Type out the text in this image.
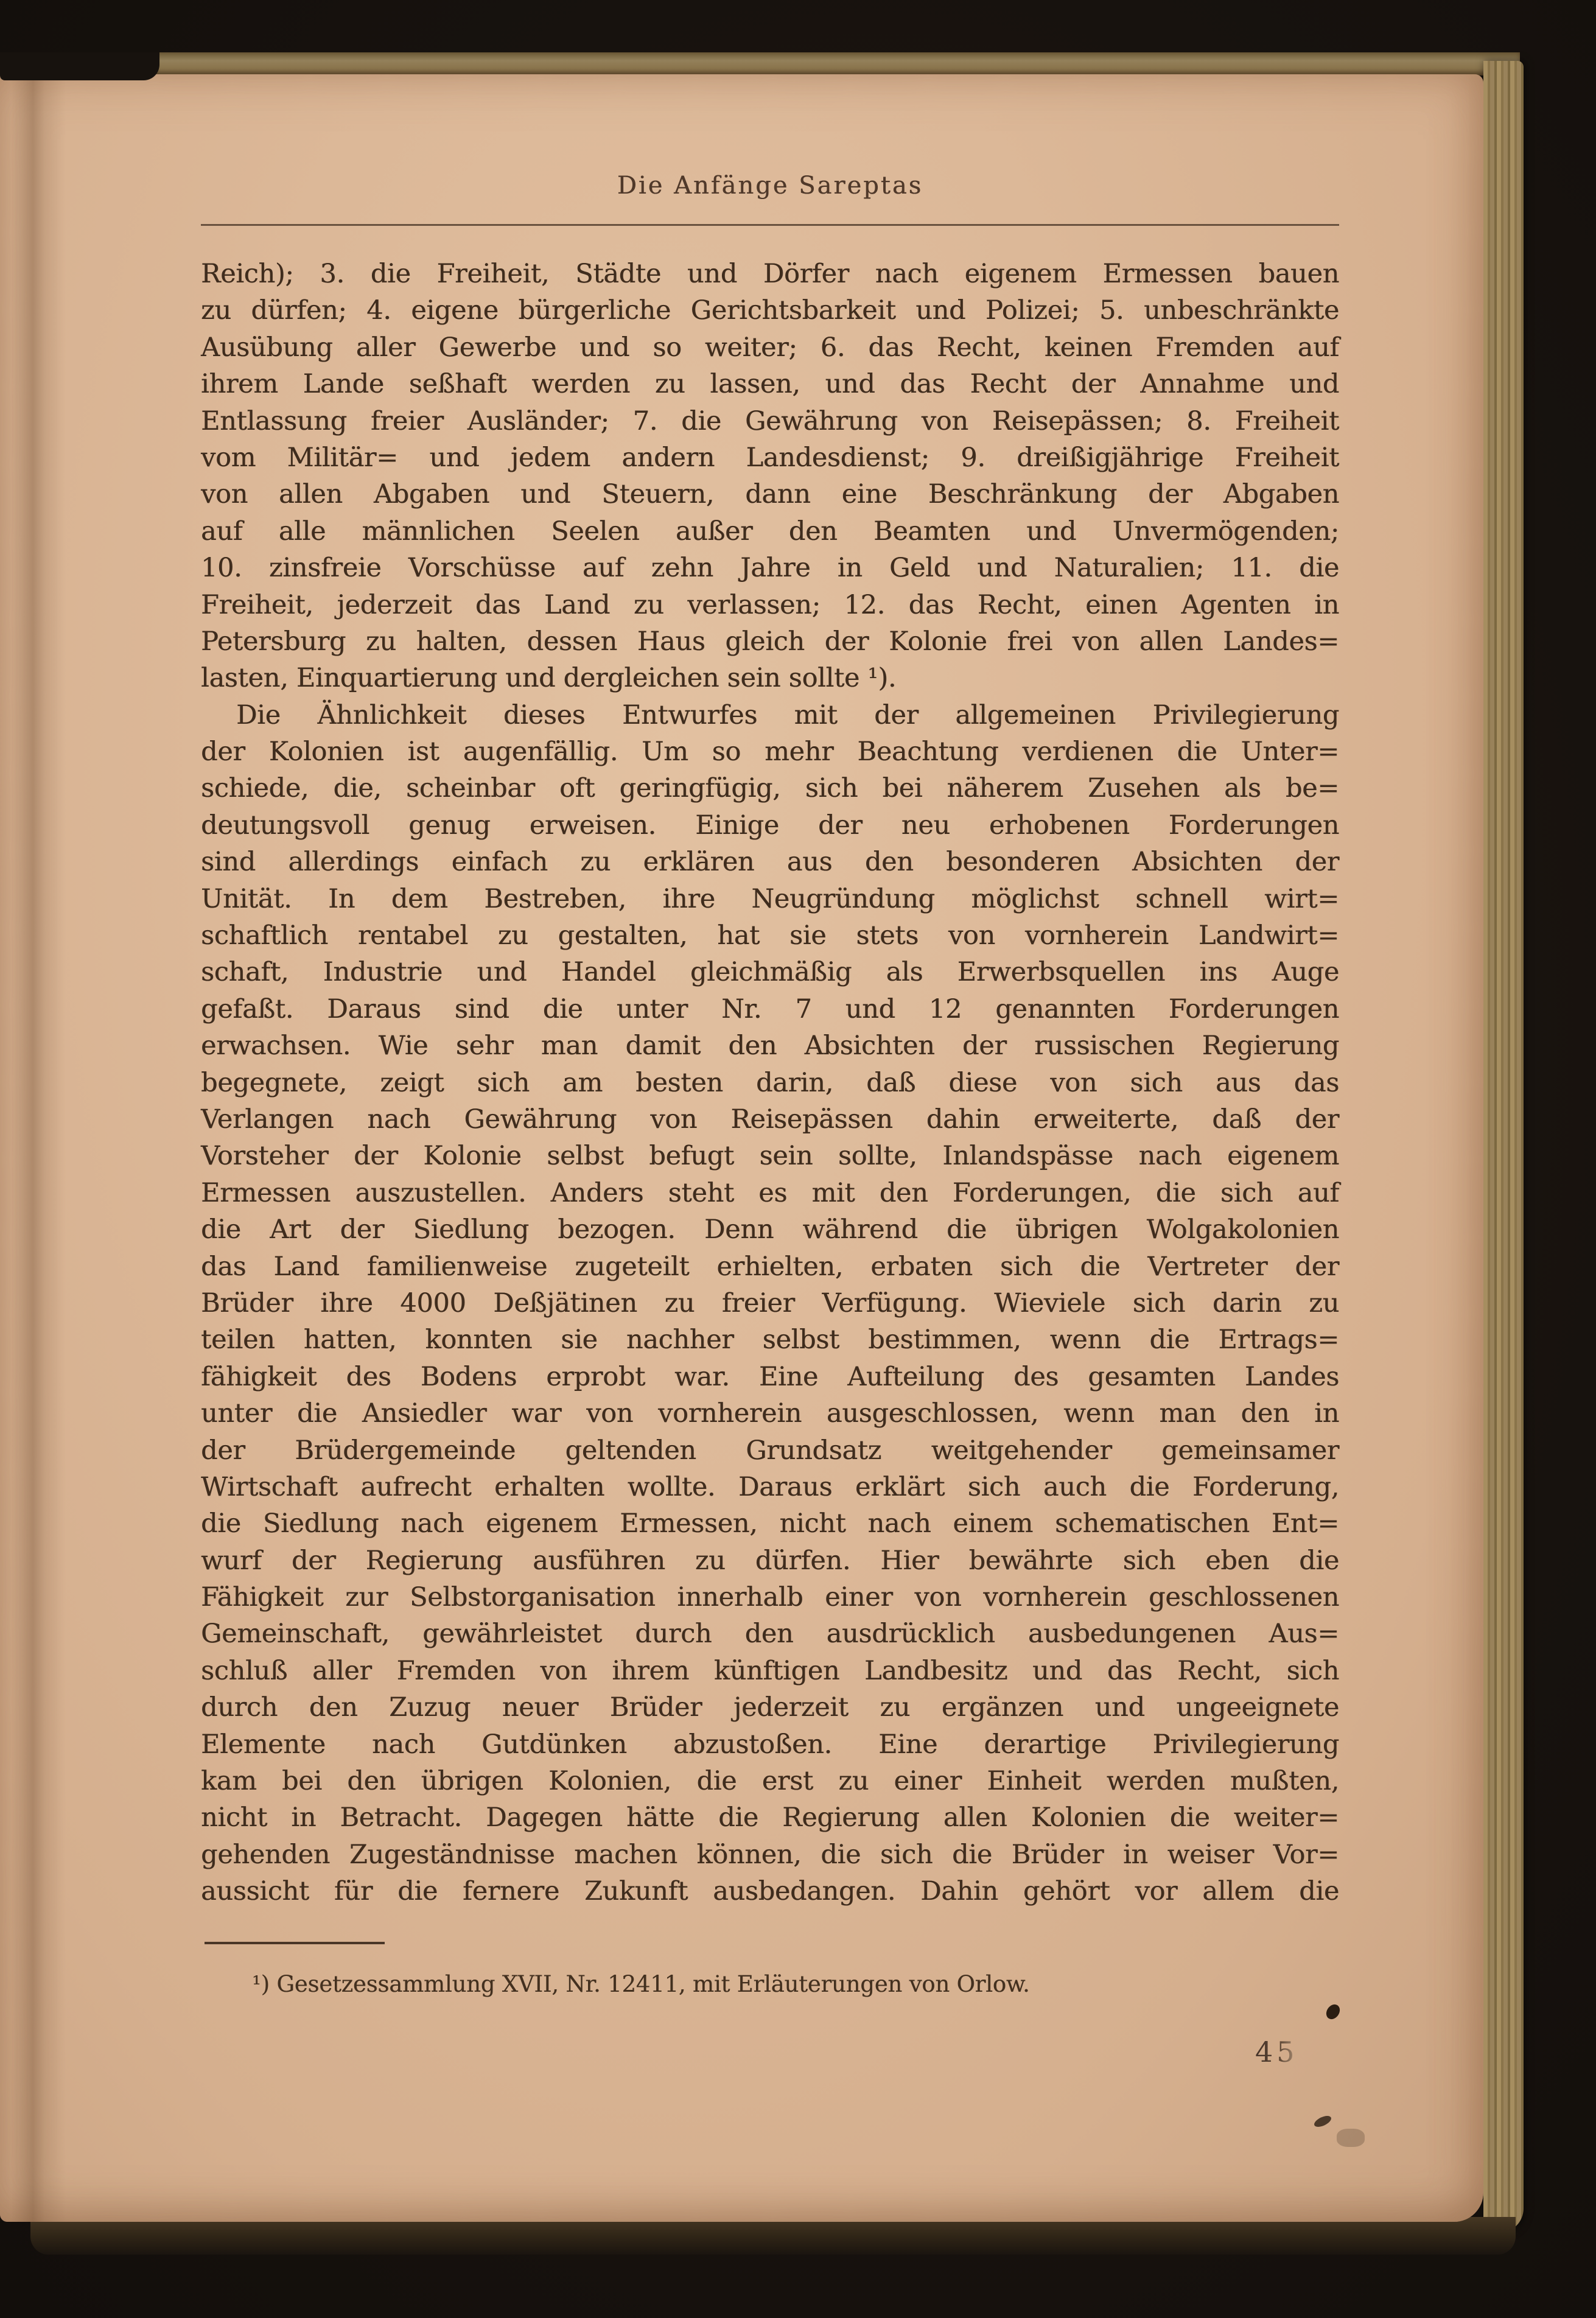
Die Anfänge Sareptas
Reich); 3. die Freiheit, Städte und Dörfer nach eigenem Ermessen bauen
zu dürfen; 4. eigene bürgerliche Gerichtsbarkeit und Polizei; 5. unbeschränkte
Ausübung aller Gewerbe und so weiter; 6. das Recht, keinen Fremden auf
ihrem Lande seßhaft werden zu lassen, und das Recht der Annahme und
Entlassung freier Ausländer; 7. die Gewährung von Reisepässen; 8. Freiheit
vom Militär= und jedem andern Landesdienst; 9. dreißigjährige Freiheit
von allen Abgaben und Steuern, dann eine Beschränkung der Abgaben
auf alle männlichen Seelen außer den Beamten und Unvermögenden;
10. zinsfreie Vorschüsse auf zehn Jahre in Geld und Naturalien; 11. die
Freiheit, jederzeit das Land zu verlassen; 12. das Recht, einen Agenten in
Petersburg zu halten, dessen Haus gleich der Kolonie frei von allen Landes=
lasten, Einquartierung und dergleichen sein sollte ¹).
Die Ähnlichkeit dieses Entwurfes mit der allgemeinen Privilegierung
der Kolonien ist augenfällig. Um so mehr Beachtung verdienen die Unter=
schiede, die, scheinbar oft geringfügig, sich bei näherem Zusehen als be=
deutungsvoll genug erweisen. Einige der neu erhobenen Forderungen
sind allerdings einfach zu erklären aus den besonderen Absichten der
Unität. In dem Bestreben, ihre Neugründung möglichst schnell wirt=
schaftlich rentabel zu gestalten, hat sie stets von vornherein Landwirt=
schaft, Industrie und Handel gleichmäßig als Erwerbsquellen ins Auge
gefaßt. Daraus sind die unter Nr. 7 und 12 genannten Forderungen
erwachsen. Wie sehr man damit den Absichten der russischen Regierung
begegnete, zeigt sich am besten darin, daß diese von sich aus das
Verlangen nach Gewährung von Reisepässen dahin erweiterte, daß der
Vorsteher der Kolonie selbst befugt sein sollte, Inlandspässe nach eigenem
Ermessen auszustellen. Anders steht es mit den Forderungen, die sich auf
die Art der Siedlung bezogen. Denn während die übrigen Wolgakolonien
das Land familienweise zugeteilt erhielten, erbaten sich die Vertreter der
Brüder ihre 4000 Deßjätinen zu freier Verfügung. Wieviele sich darin zu
teilen hatten, konnten sie nachher selbst bestimmen, wenn die Ertrags=
fähigkeit des Bodens erprobt war. Eine Aufteilung des gesamten Landes
unter die Ansiedler war von vornherein ausgeschlossen, wenn man den in
der Brüdergemeinde geltenden Grundsatz weitgehender gemeinsamer
Wirtschaft aufrecht erhalten wollte. Daraus erklärt sich auch die Forderung,
die Siedlung nach eigenem Ermessen, nicht nach einem schematischen Ent=
wurf der Regierung ausführen zu dürfen. Hier bewährte sich eben die
Fähigkeit zur Selbstorganisation innerhalb einer von vornherein geschlossenen
Gemeinschaft, gewährleistet durch den ausdrücklich ausbedungenen Aus=
schluß aller Fremden von ihrem künftigen Landbesitz und das Recht, sich
durch den Zuzug neuer Brüder jederzeit zu ergänzen und ungeeignete
Elemente nach Gutdünken abzustoßen. Eine derartige Privilegierung
kam bei den übrigen Kolonien, die erst zu einer Einheit werden mußten,
nicht in Betracht. Dagegen hätte die Regierung allen Kolonien die weiter=
gehenden Zugeständnisse machen können, die sich die Brüder in weiser Vor=
aussicht für die fernere Zukunft ausbedangen. Dahin gehört vor allem die
¹) Gesetzessammlung XVII, Nr. 12411, mit Erläuterungen von Orlow.
45
